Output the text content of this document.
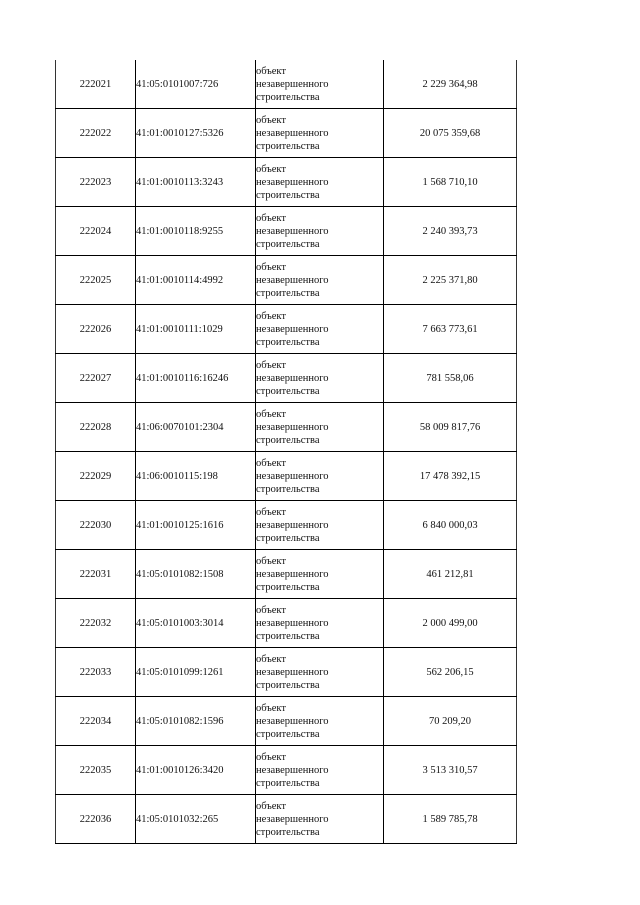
222021	41:05:0101007:726	объект
незавершенного
строительства	2 229 364,98
222022	41:01:0010127:5326	объект
незавершенного
строительства	20 075 359,68
222023	41:01:0010113:3243	объект
незавершенного
строительства	1 568 710,10
222024	41:01:0010118:9255	объект
незавершенного
строительства	2 240 393,73
222025	41:01:0010114:4992	объект
незавершенного
строительства	2 225 371,80
222026	41:01:0010111:1029	объект
незавершенного
строительства	7 663 773,61
222027	41:01:0010116:16246	объект
незавершенного
строительства	781 558,06
222028	41:06:0070101:2304	объект
незавершенного
строительства	58 009 817,76
222029	41:06:0010115:198	объект
незавершенного
строительства	17 478 392,15
222030	41:01:0010125:1616	объект
незавершенного
строительства	6 840 000,03
222031	41:05:0101082:1508	объект
незавершенного
строительства	461 212,81
222032	41:05:0101003:3014	объект
незавершенного
строительства	2 000 499,00
222033	41:05:0101099:1261	объект
незавершенного
строительства	562 206,15
222034	41:05:0101082:1596	объект
незавершенного
строительства	70 209,20
222035	41:01:0010126:3420	объект
незавершенного
строительства	3 513 310,57
222036	41:05:0101032:265	объект
незавершенного
строительства	1 589 785,78
